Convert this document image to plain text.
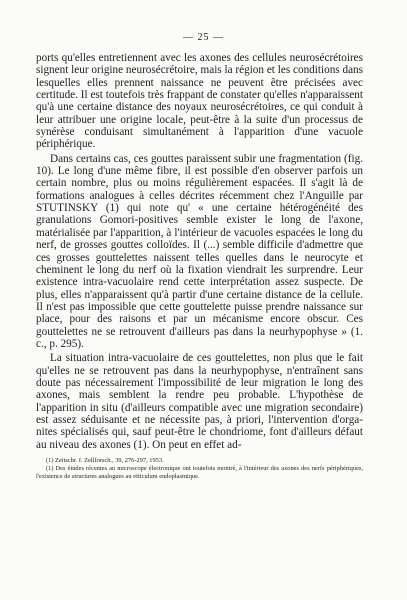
— 25 —

ports qu'elles entretiennent avec les axones des cellules neurosécrétoires signent leur origine neurosécrétoire, mais la région et les conditions dans lesquelles elles prennent naissance ne peuvent être précisées avec certitude. Il est toutefois très frappant de constater qu'elles n'apparaissent qu'à une certaine distance des noyaux neurosécrétoires, ce qui conduit à leur attribuer une origine locale, peut-être à la suite d'un processus de synérèse conduisant simultanément à l'apparition d'une vacuole périphérique.

Dans certains cas, ces gouttes paraissent subir une fragmentation (fig. 10). Le long d'une même fibre, il est possible d'en observer parfois un certain nombre, plus ou moins régulièrement espacées. Il s'agit là de formations analogues à celles décrites récemment chez l'Anguille par STUTINSKY (1) qui note qu' « une certaine hétérogénéité des granulations Gomori-positives semble exister le long de l'axone, matérialisée par l'apparition, à l'intérieur de vacuoles espacées le long du nerf, de grosses gouttes colloïdes. Il (...) semble difficile d'admettre que ces grosses gouttelettes naissent telles quelles dans le neurocyte et cheminent le long du nerf où la fixation viendrait les surprendre. Leur existence intra-vacuolaire rend cette interprétation assez suspecte. De plus, elles n'apparaissent qu'à partir d'une certaine distance de la cellule. Il n'est pas impossible que cette gouttelette puisse prendre naissance sur place, pour des raisons et par un mécanisme encore obscur. Ces gouttelettes ne se retrouvent d'ailleurs pas dans la neurhypophyse » (1. c., p. 295).

La situation intra-vacuolaire de ces gouttelettes, non plus que le fait qu'elles ne se retrouvent pas dans la neurhypophyse, n'entraînent sans doute pas nécessairement l'impossibilité de leur migration le long des axones, mais semblent la rendre peu probable. L'hypothèse de l'apparition in situ (d'ailleurs compatible avec une migration secondaire) est assez séduisante et ne nécessite pas, à priori, l'intervention d'organites spécialisés qui, sauf peut-être le chondriome, font d'ailleurs défaut au niveau des axones (1). On peut en effet ad-

(1) Zeitschr. f. Zellforsch., 39, 276-297, 1953.

(1) Des études récentes au microscope électronique ont toutefois montré, à l'intérieur des axones des nerfs périphériques, l'existence de structures analogues au réticulum endoplasmique.
